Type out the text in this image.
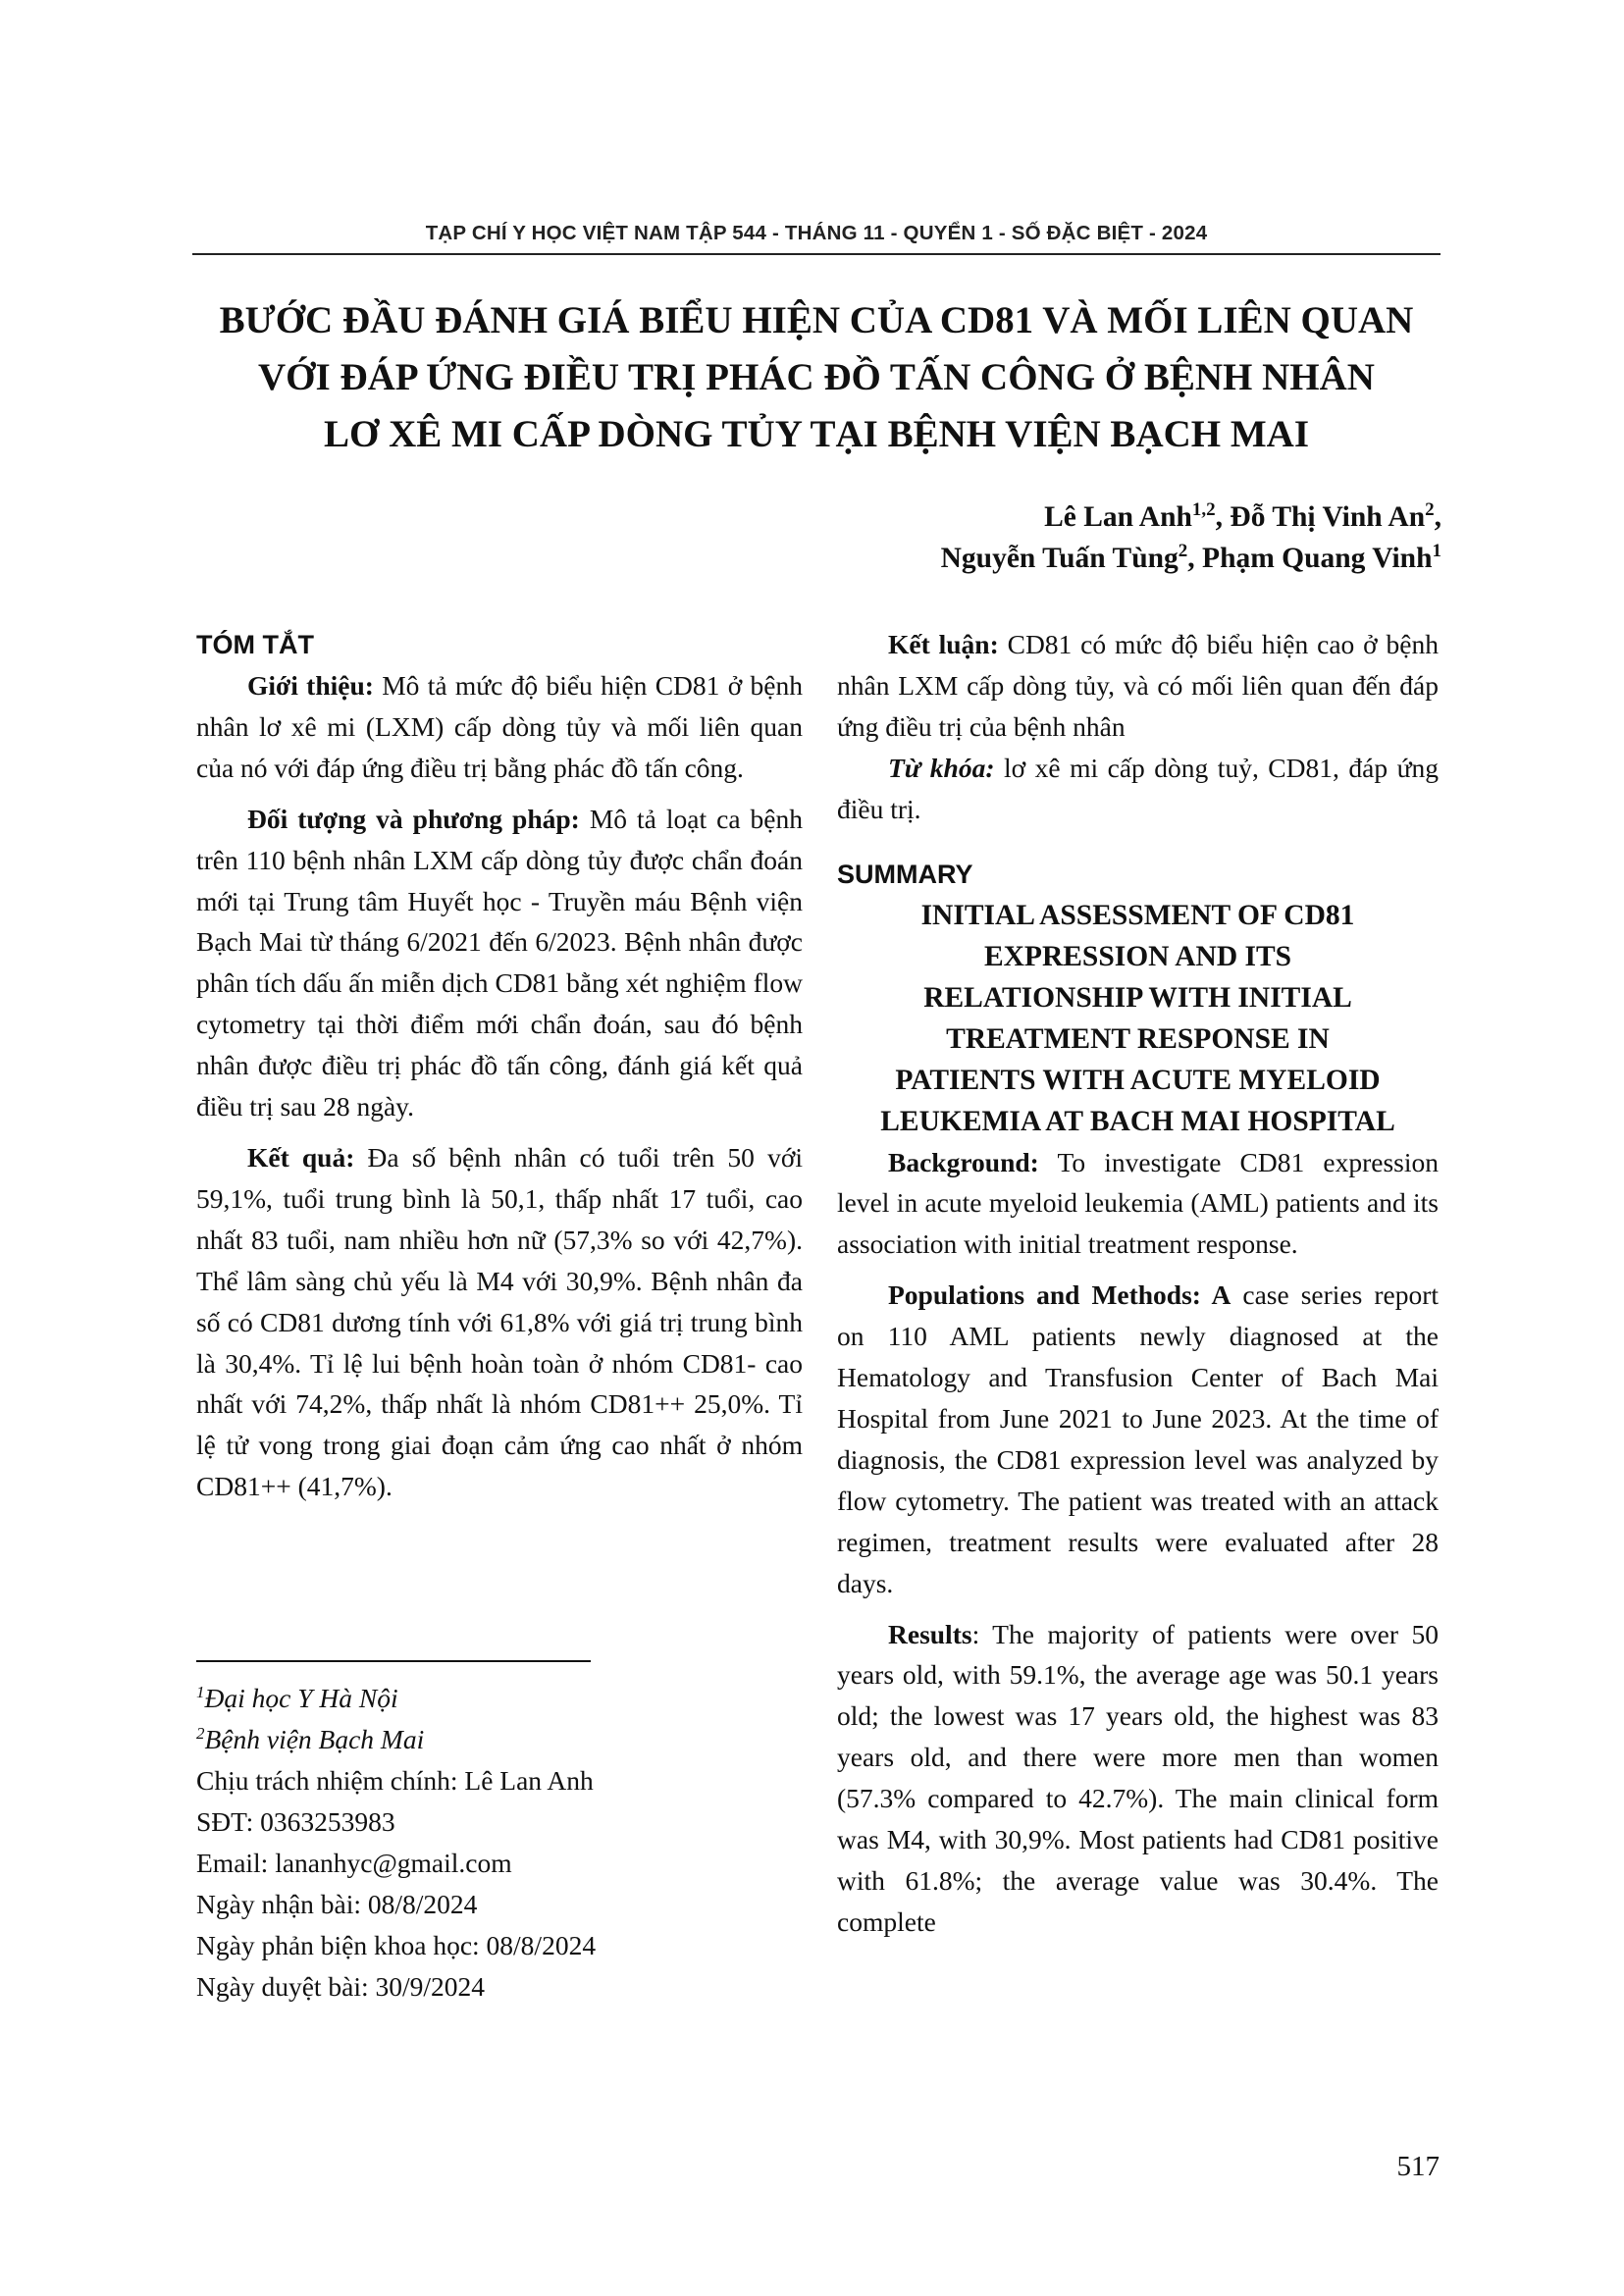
TẠP CHÍ Y HỌC VIỆT NAM TẬP 544 - THÁNG 11 - QUYỂN 1 - SỐ ĐẶC BIỆT - 2024
BƯỚC ĐẦU ĐÁNH GIÁ BIỂU HIỆN CỦA CD81 VÀ MỐI LIÊN QUAN
VỚI ĐÁP ỨNG ĐIỀU TRỊ PHÁC ĐỒ TẤN CÔNG Ở BỆNH NHÂN
LƠ XÊ MI CẤP DÒNG TỦY TẠI BỆNH VIỆN BẠCH MAI
Lê Lan Anh$^{1,2}$, Đỗ Thị Vinh An$^2$,
Nguyễn Tuấn Tùng$^2$, Phạm Quang Vinh$^1$
TÓM TẮT

Giới thiệu: Mô tả mức độ biểu hiện CD81 ở bệnh nhân lơ xê mi (LXM) cấp dòng tủy và mối liên quan của nó với đáp ứng điều trị bằng phác đồ tấn công.

Đối tượng và phương pháp: Mô tả loạt ca bệnh trên 110 bệnh nhân LXM cấp dòng tủy được chẩn đoán mới tại Trung tâm Huyết học - Truyền máu Bệnh viện Bạch Mai từ tháng 6/2021 đến 6/2023. Bệnh nhân được phân tích dấu ấn miễn dịch CD81 bằng xét nghiệm flow cytometry tại thời điểm mới chẩn đoán, sau đó bệnh nhân được điều trị phác đồ tấn công, đánh giá kết quả điều trị sau 28 ngày.

Kết quả: Đa số bệnh nhân có tuổi trên 50 với 59,1%, tuổi trung bình là 50,1, thấp nhất 17 tuổi, cao nhất 83 tuổi, nam nhiều hơn nữ (57,3% so với 42,7%). Thể lâm sàng chủ yếu là M4 với 30,9%. Bệnh nhân đa số có CD81 dương tính với 61,8% với giá trị trung bình là 30,4%. Tỉ lệ lui bệnh hoàn toàn ở nhóm CD81- cao nhất với 74,2%, thấp nhất là nhóm CD81++ 25,0%. Tỉ lệ tử vong trong giai đoạn cảm ứng cao nhất ở nhóm CD81++ (41,7%).

$^1$Đại học Y Hà Nội
$^2$Bệnh viện Bạch Mai
Chịu trách nhiệm chính: Lê Lan Anh
SĐT: 0363253983
Email: lananhyc@gmail.com
Ngày nhận bài: 08/8/2024
Ngày phản biện khoa học: 08/8/2024
Ngày duyệt bài: 30/9/2024

Kết luận: CD81 có mức độ biểu hiện cao ở bệnh nhân LXM cấp dòng tủy, và có mối liên quan đến đáp ứng điều trị của bệnh nhân

Từ khóa: lơ xê mi cấp dòng tuỷ, CD81, đáp ứng điều trị.

SUMMARY
INITIAL ASSESSMENT OF CD81
EXPRESSION AND ITS
RELATIONSHIP WITH INITIAL
TREATMENT RESPONSE IN
PATIENTS WITH ACUTE MYELOID
LEUKEMIA AT BACH MAI HOSPITAL

Background: To investigate CD81 expression level in acute myeloid leukemia (AML) patients and its association with initial treatment response.

Populations and Methods: A case series report on 110 AML patients newly diagnosed at the Hematology and Transfusion Center of Bach Mai Hospital from June 2021 to June 2023. At the time of diagnosis, the CD81 expression level was analyzed by flow cytometry. The patient was treated with an attack regimen, treatment results were evaluated after 28 days.

Results: The majority of patients were over 50 years old, with 59.1%, the average age was 50.1 years old; the lowest was 17 years old, the highest was 83 years old, and there were more men than women (57.3% compared to 42.7%). The main clinical form was M4, with 30,9%. Most patients had CD81 positive with 61.8%; the average value was 30.4%. The complete

517
